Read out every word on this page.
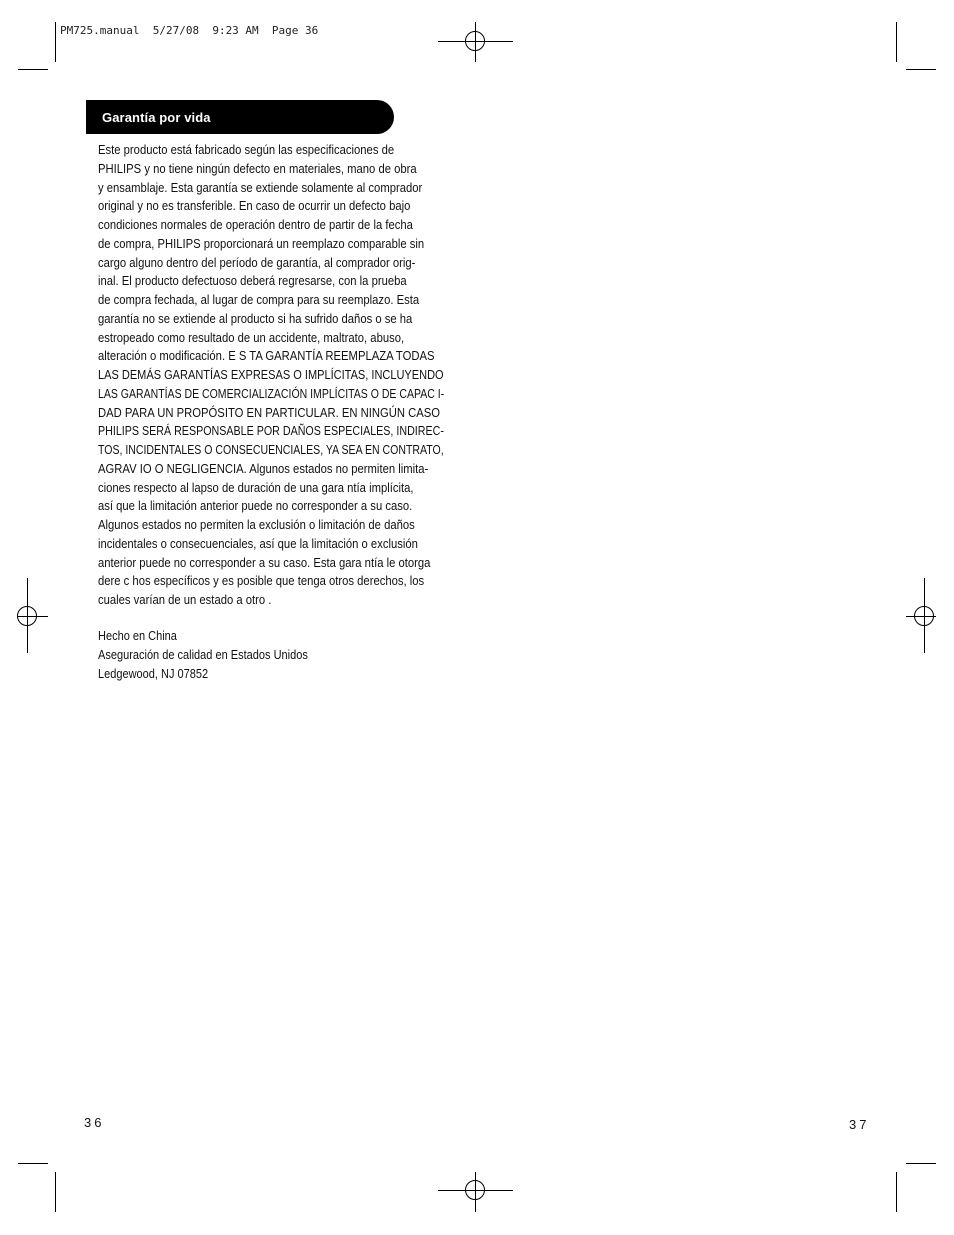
PM725.manual  5/27/08  9:23 AM  Page 36
Garantía por vida
Este producto está fabricado según las especificaciones de
PHILIPS y no tiene ningún defecto en materiales, mano de obra
y ensamblaje. Esta garantía se extiende solamente al comprador
original y no es transferible. En caso de ocurrir un defecto bajo
condiciones normales de operación dentro de partir de la fecha
de compra, PHILIPS proporcionará un reemplazo comparable sin
cargo alguno dentro del período de garantía, al comprador orig-
inal. El producto defectuoso deberá regresarse, con la prueba
de compra fechada, al lugar de compra para su reemplazo. Esta
garantía no se extiende al producto si ha sufrido daños o se ha
estropeado como resultado de un accidente, maltrato, abuso,
alteración o modificación. E S TA GARANTÍA REEMPLAZA TODAS
LAS DEMÁS GARANTÍAS EXPRESAS O IMPLÍCITAS, INCLUYENDO
LAS GARANTÍAS DE COMERCIALIZACIÓN IMPLÍCITAS O DE CAPAC I-
DAD PARA UN PROPÓSITO EN PARTICULAR. EN NINGÚN CASO
PHILIPS SERÁ RESPONSABLE POR DAÑOS ESPECIALES, INDIREC-
TOS, INCIDENTALES O CONSECUENCIALES, YA SEA EN CONTRATO,
AGRAV IO O NEGLIGENCIA. Algunos estados no permiten limita-
ciones respecto al lapso de duración de una gara ntía implícita,
así que la limitación anterior puede no corresponder a su caso.
Algunos estados no permiten la exclusión o limitación de daños
incidentales o consecuenciales, así que la limitación o exclusión
anterior puede no corresponder a su caso. Esta gara ntía le otorga
dere c hos específicos y es posible que tenga otros derechos, los
cuales varían de un estado a otro .
Hecho en China
Aseguración de calidad en Estados Unidos
Ledgewood, NJ 07852
36	37
